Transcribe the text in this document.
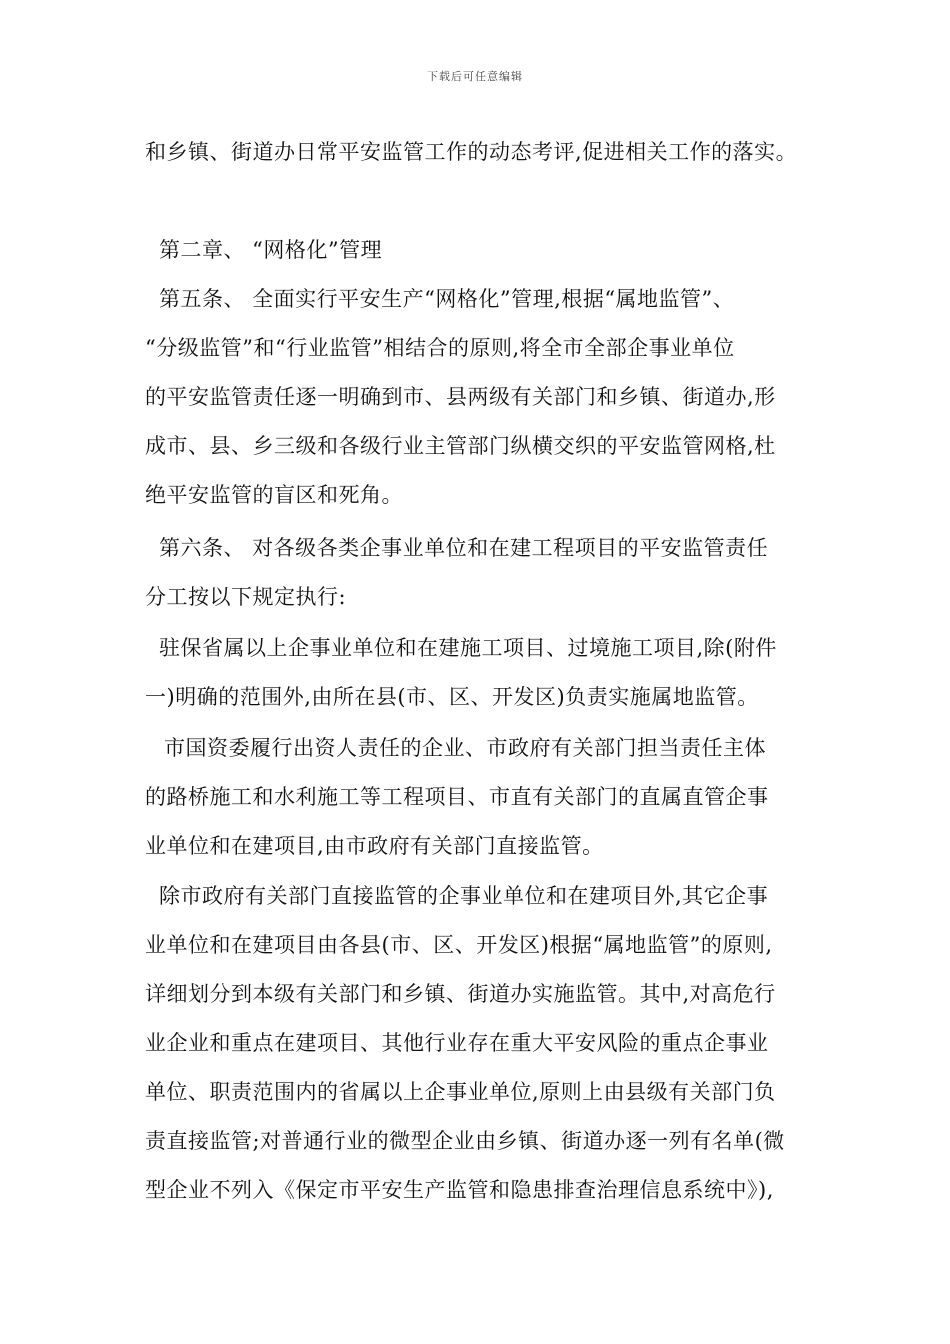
下载后可任意编辑
和乡镇、街道办日常平安监管工作的动态考评,促进相关工作的落实。
第二章、 “网格化”管理
第五条、 全面实行平安生产“网格化”管理,根据“属地监管”、
“分级监管”和“行业监管”相结合的原则,将全市全部企事业单位
的平安监管责任逐一明确到市、县两级有关部门和乡镇、街道办,形
成市、县、乡三级和各级行业主管部门纵横交织的平安监管网格,杜
绝平安监管的盲区和死角。
第六条、 对各级各类企事业单位和在建工程项目的平安监管责任
分工按以下规定执行:
驻保省属以上企事业单位和在建施工项目、过境施工项目,除(附件
一)明确的范围外,由所在县(市、区、开发区)负责实施属地监管。
市国资委履行出资人责任的企业、市政府有关部门担当责任主体
的路桥施工和水利施工等工程项目、市直有关部门的直属直管企事
业单位和在建项目,由市政府有关部门直接监管。
除市政府有关部门直接监管的企事业单位和在建项目外,其它企事
业单位和在建项目由各县(市、区、开发区)根据“属地监管”的原则,
详细划分到本级有关部门和乡镇、街道办实施监管。其中,对高危行
业企业和重点在建项目、其他行业存在重大平安风险的重点企事业
单位、职责范围内的省属以上企事业单位,原则上由县级有关部门负
责直接监管;对普通行业的微型企业由乡镇、街道办逐一列有名单(微
型企业不列入《保定市平安生产监管和隐患排查治理信息系统中》),
